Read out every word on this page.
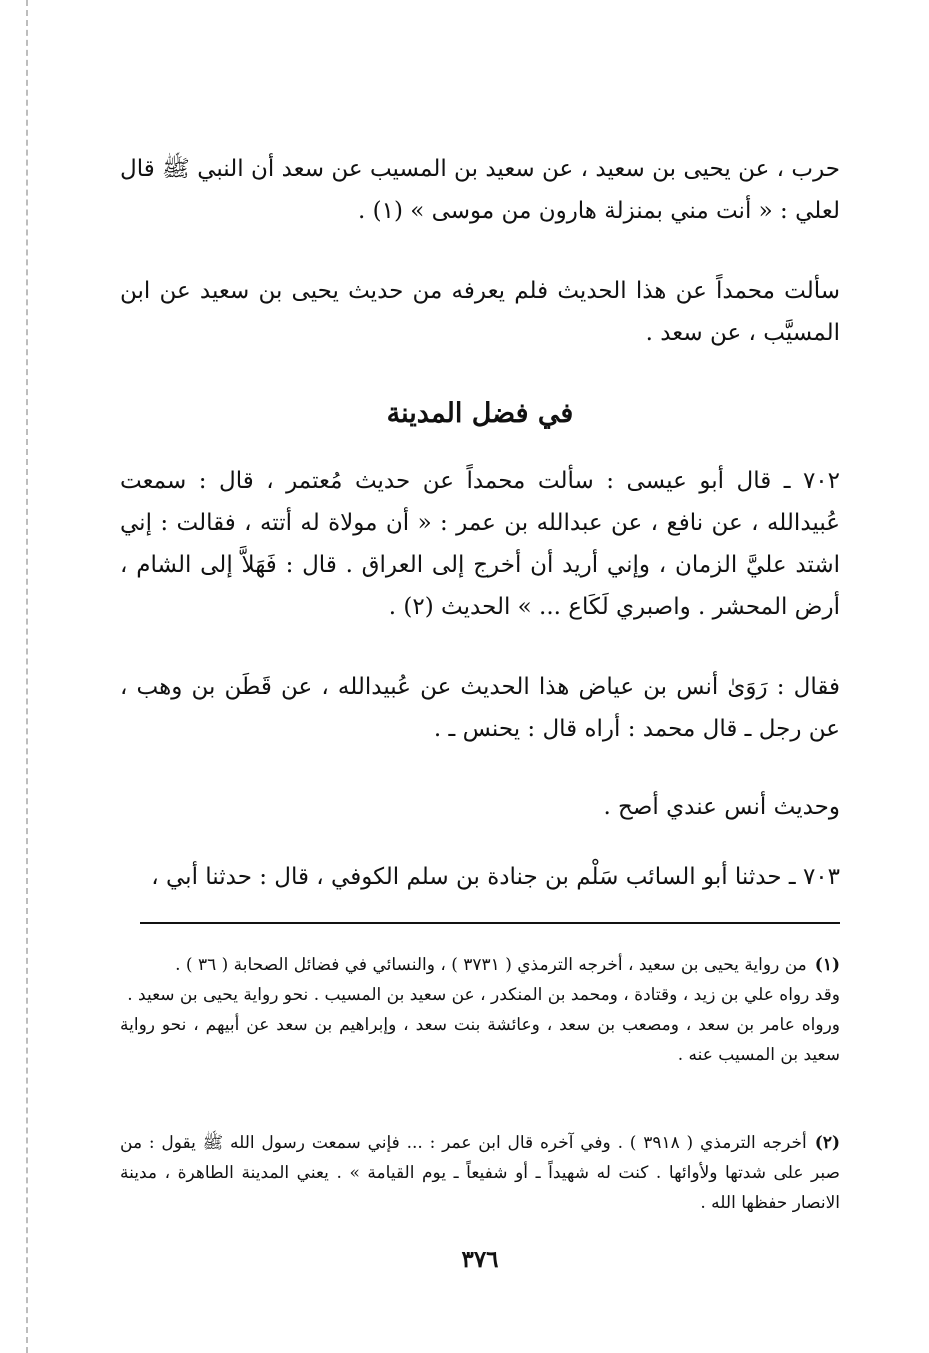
حرب ، عن يحيى بن سعيد ، عن سعيد بن المسيب عن سعد أن النبي ﷺ قال لعلي : « أنت مني بمنزلة هارون من موسى » (١) .

سألت محمداً عن هذا الحديث فلم يعرفه من حديث يحيى بن سعيد عن ابن المسيَّب ، عن سعد .

في فضل المدينة

٧٠٢ ـ قال أبو عيسى : سألت محمداً عن حديث مُعتمر ، قال : سمعت عُبيدالله ، عن نافع ، عن عبدالله بن عمر : « أن مولاة له أتته ، فقالت : إني اشتد عليَّ الزمان ، وإني أريد أن أخرج إلى العراق . قال : فَهَلاَّ إلى الشام ، أرض المحشر . واصبري لَكَاع ... » الحديث (٢) .

فقال : رَوَىٰ أنس بن عياض هذا الحديث عن عُبيدالله ، عن قَطَن بن وهب ، عن رجل ـ قال محمد : أراه قال : يحنس ـ .

وحديث أنس عندي أصح .

٧٠٣ ـ حدثنا أبو السائب سَلْم بن جنادة بن سلم الكوفي ، قال : حدثنا أبي ،

(١)من رواية يحيى بن سعيد ، أخرجه الترمذي ( ٣٧٣١ ) ، والنسائي في فضائل الصحابة ( ٣٦ ) .
وقد رواه علي بن زيد ، وقتادة ، ومحمد بن المنكدر ، عن سعيد بن المسيب . نحو رواية يحيى بن سعيد .
ورواه عامر بن سعد ، ومصعب بن سعد ، وعائشة بنت سعد ، وإبراهيم بن سعد عن أبيهم ، نحو رواية سعيد بن المسيب عنه .
(٢)أخرجه الترمذي ( ٣٩١٨ ) . وفي آخره قال ابن عمر : ... فإني سمعت رسول الله ﷺ يقول : من صبر على شدتها ولأوائها . كنت له شهيداً ـ أو شفيعاً ـ يوم القيامة » . يعني المدينة الطاهرة ، مدينة الانصار حفظها الله .
٣٧٦
